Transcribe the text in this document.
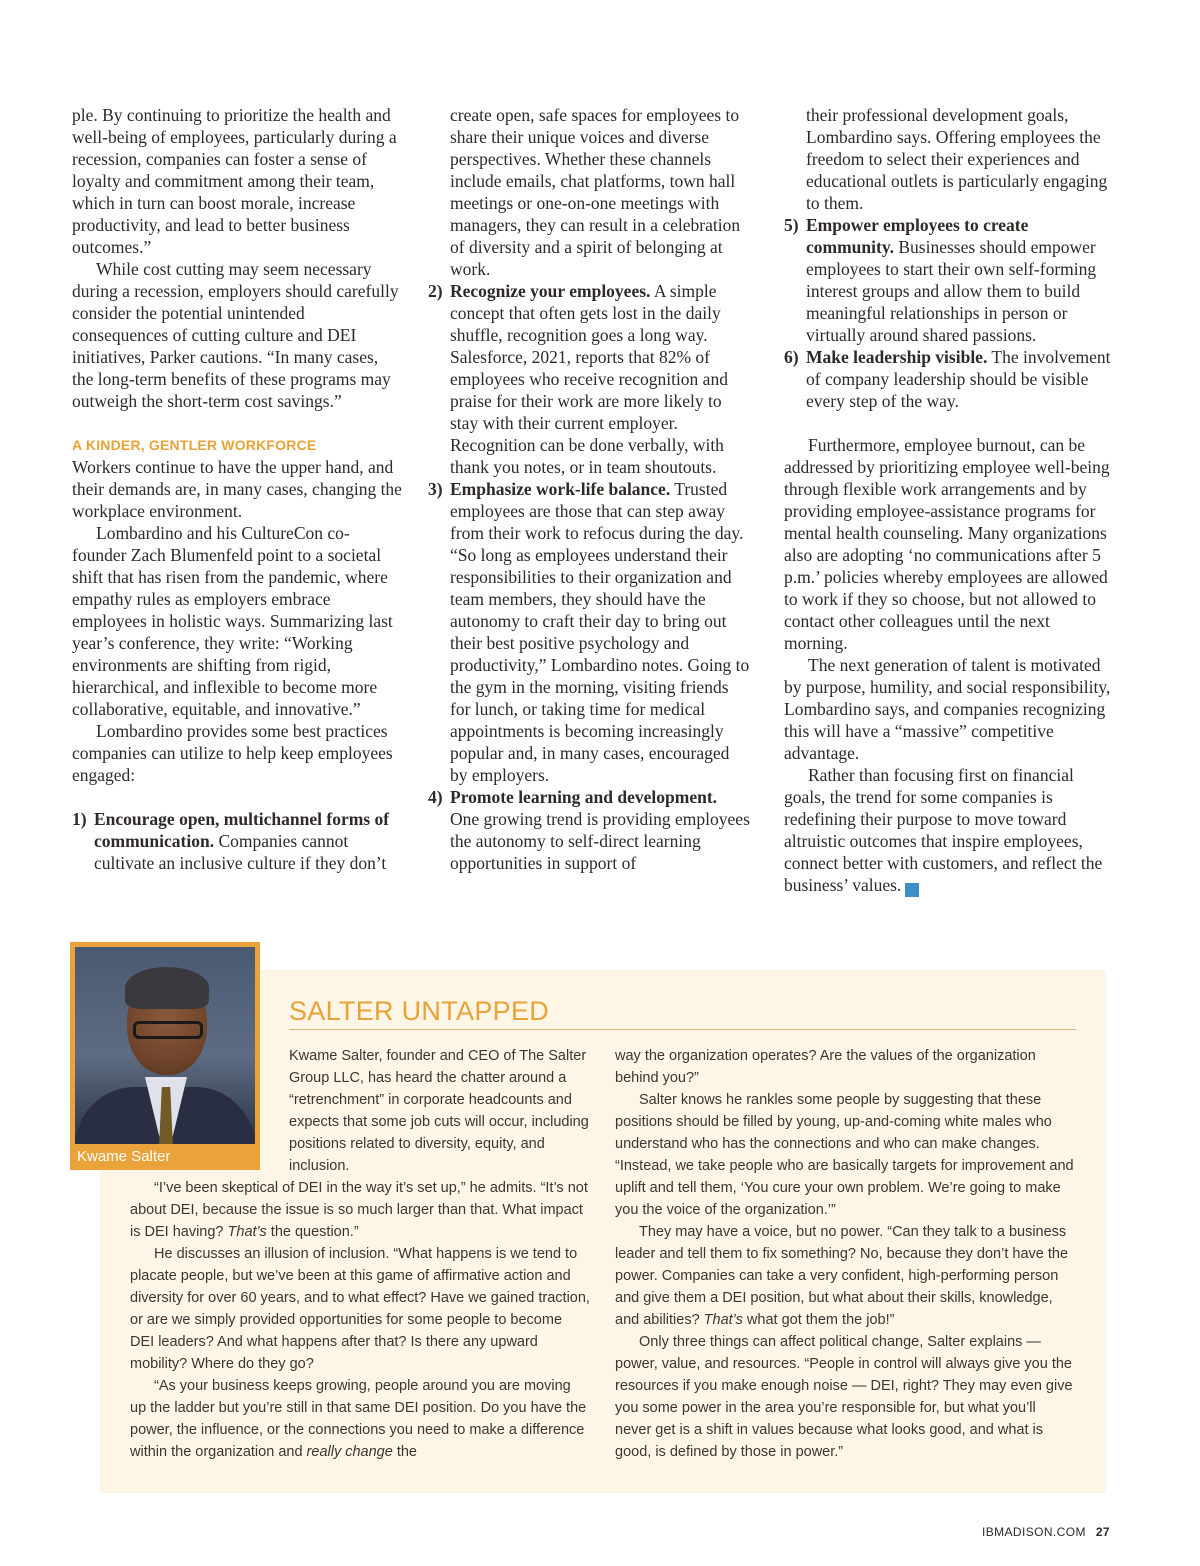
ple. By continuing to prioritize the health and well-being of employees, particularly during a recession, companies can foster a sense of loyalty and commitment among their team, which in turn can boost morale, increase productivity, and lead to better business outcomes.”

While cost cutting may seem necessary during a recession, employers should carefully consider the potential unintended consequences of cutting culture and DEI initiatives, Parker cautions. “In many cases, the long-term benefits of these programs may outweigh the short-term cost savings.”

A KINDER, GENTLER WORKFORCE

Workers continue to have the upper hand, and their demands are, in many cases, changing the workplace environment.

Lombardino and his CultureCon co-founder Zach Blumenfeld point to a societal shift that has risen from the pandemic, where empathy rules as employers embrace employees in holistic ways. Summarizing last year’s conference, they write: “Working environments are shifting from rigid, hierarchical, and inflexible to become more collaborative, equitable, and innovative.”

Lombardino provides some best practices companies can utilize to help keep employees engaged:

1) Encourage open, multichannel forms of communication. Companies cannot cultivate an inclusive culture if they don’t

create open, safe spaces for employees to share their unique voices and diverse perspectives. Whether these channels include emails, chat platforms, town hall meetings or one-on-one meetings with managers, they can result in a celebration of diversity and a spirit of belonging at work.

2) Recognize your employees. A simple concept that often gets lost in the daily shuffle, recognition goes a long way. Salesforce, 2021, reports that 82% of employees who receive recognition and praise for their work are more likely to stay with their current employer. Recognition can be done verbally, with thank you notes, or in team shoutouts.
3) Emphasize work-life balance. Trusted employees are those that can step away from their work to refocus during the day. “So long as employees understand their responsibilities to their organization and team members, they should have the autonomy to craft their day to bring out their best positive psychology and productivity,” Lombardino notes. Going to the gym in the morning, visiting friends for lunch, or taking time for medical appointments is becoming increasingly popular and, in many cases, encouraged by employers.
4) Promote learning and development. One growing trend is providing employees the autonomy to self-direct learning opportunities in support of

their professional development goals, Lombardino says. Offering employees the freedom to select their experiences and educational outlets is particularly engaging to them.

5) Empower employees to create community. Businesses should empower employees to start their own self-forming interest groups and allow them to build meaningful relationships in person or virtually around shared passions.
6) Make leadership visible. The involvement of company leadership should be visible every step of the way.

Furthermore, employee burnout, can be addressed by prioritizing employee well-being through flexible work arrangements and by providing employee-assistance programs for mental health counseling. Many organizations also are adopting ‘no communications after 5 p.m.’ policies whereby employees are allowed to work if they so choose, but not allowed to contact other colleagues until the next morning.

The next generation of talent is motivated by purpose, humility, and social responsibility, Lombardino says, and companies recognizing this will have a “massive” competitive advantage.

Rather than focusing first on financial goals, the trend for some companies is redefining their purpose to move toward altruistic outcomes that inspire employees, connect better with customers, and reflect the business’ values.	IB

Kwame Salter
SALTER UNTAPPED

Kwame Salter, founder and CEO of The Salter Group LLC, has heard the chatter around a “retrenchment” in corporate headcounts and expects that some job cuts will occur, including positions related to diversity, equity, and inclusion.

“I’ve been skeptical of DEI in the way it’s set up,” he admits. “It’s not about DEI, because the issue is so much larger than that. What impact is DEI having? That’s the question.”

He discusses an illusion of inclusion. “What happens is we tend to placate people, but we’ve been at this game of affirmative action and diversity for over 60 years, and to what effect? Have we gained traction, or are we simply provided opportunities for some people to become DEI leaders? And what happens after that? Is there any upward mobility? Where do they go?

“As your business keeps growing, people around you are moving up the ladder but you’re still in that same DEI position. Do you have the power, the influence, or the connections you need to make a difference within the organization and really change the

way the organization operates? Are the values of the organization behind you?”

Salter knows he rankles some people by suggesting that these positions should be filled by young, up-and-coming white males who understand who has the connections and who can make changes. “Instead, we take people who are basically targets for improvement and uplift and tell them, ‘You cure your own problem. We’re going to make you the voice of the organization.’”

They may have a voice, but no power. “Can they talk to a business leader and tell them to fix something? No, because they don’t have the power. Companies can take a very confident, high-performing person and give them a DEI position, but what about their skills, knowledge, and abilities? That’s what got them the job!”

Only three things can affect political change, Salter explains — power, value, and resources. “People in control will always give you the resources if you make enough noise — DEI, right? They may even give you some power in the area you’re responsible for, but what you’ll never get is a shift in values because what looks good, and what is good, is defined by those in power.”

IBMADISON.COM 27
